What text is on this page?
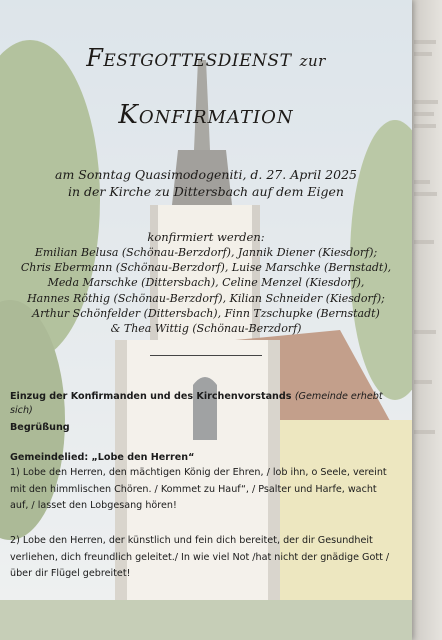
Festgottesdienst zur
Konfirmation
am Sonntag Quasimodogeniti, d. 27. April 2025
in der Kirche zu Dittersbach auf dem Eigen
konfirmiert werden:
Emilian Belusa (Schönau-Berzdorf), Jannik Diener (Kiesdorf);
Chris Ebermann (Schönau-Berzdorf), Luise Marschke (Bernstadt),
Meda Marschke (Dittersbach), Celine Menzel (Kiesdorf),
Hannes Röthig (Schönau-Berzdorf), Kilian Schneider (Kiesdorf);
Arthur Schönfelder (Dittersbach), Finn Tzschupke (Bernstadt)
& Thea Wittig (Schönau-Berzdorf)
Einzug der Konfirmanden und des Kirchenvorstands (Gemeinde erhebt sich)
Begrüßung
Gemeindelied: „Lobe den Herren“
1) Lobe den Herren, den mächtigen König der Ehren, / lob ihn, o Seele, vereint mit den himmlischen Chören. / Kommet zu Hauf“, / Psalter und Harfe, wacht auf, / lasset den Lobgesang hören!
2) Lobe den Herren, der künstlich und fein dich bereitet, der dir Gesundheit verliehen, dich freundlich geleitet./ In wie viel Not /hat nicht der gnädige Gott /über dir Flügel gebreitet!
